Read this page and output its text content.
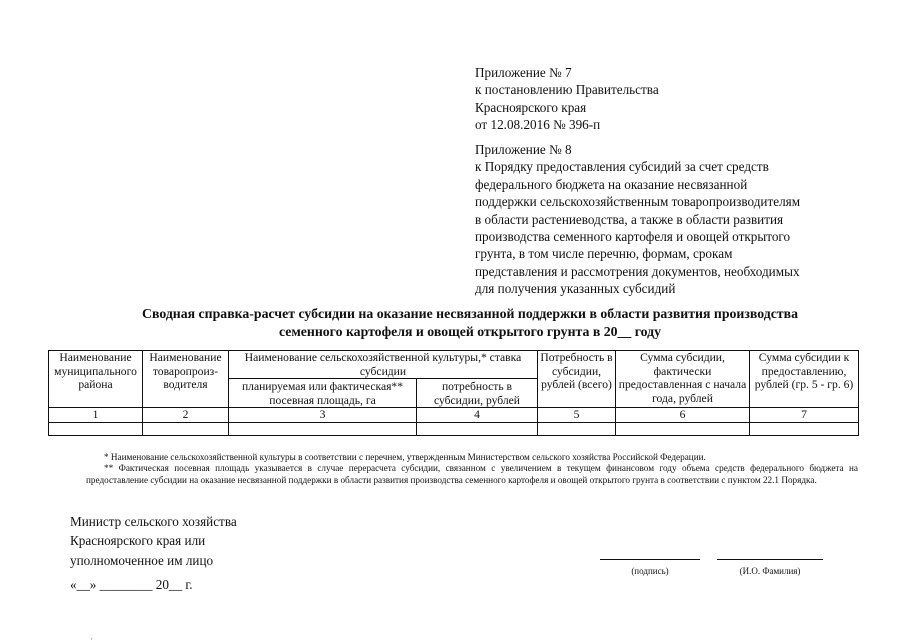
Приложение № 7
к постановлению Правительства
Красноярского края
от 12.08.2016 № 396-п
Приложение № 8
к Порядку предоставления субсидий за счет средств
федерального бюджета на оказание несвязанной
поддержки сельскохозяйственным товаропроизводителям
в области растениеводства, а также в области развития
производства семенного картофеля и овощей открытого
грунта, в том числе перечню, формам, срокам
представления и рассмотрения документов, необходимых
для получения указанных субсидий
Сводная справка-расчет субсидии на оказание несвязанной поддержки в области развития производства
семенного картофеля и овощей открытого грунта в 20__ году
Наименование муниципального района	Наименование товаропроиз-водителя	Наименование сельскохозяйственной культуры,* ставка субсидии		Потребность в субсидии, рублей (всего)	Сумма субсидии, фактически предоставленная с начала года, рублей	Сумма субсидии к предоставлению, рублей (гр. 5 - гр. 6)
		планируемая или фактическая** посевная площадь, га	потребность в субсидии, рублей			
1	2	3	4	5	6	7

* Наименование сельскохозяйственной культуры в соответствии с перечнем, утвержденным Министерством сельского хозяйства Российской Федерации.

** Фактическая посевная площадь указывается в случае перерасчета субсидии, связанном с увеличением в текущем финансовом году объема средств федерального бюджета на предоставление субсидии на оказание несвязанной поддержки в области развития производства семенного картофеля и овощей открытого грунта в соответствии с пунктом 22.1 Порядка.

Министр сельского хозяйства
Красноярского края или
уполномоченное им лицо
«__» ________ 20__ г.
(подпись)	(И.О. Фамилия)
·
